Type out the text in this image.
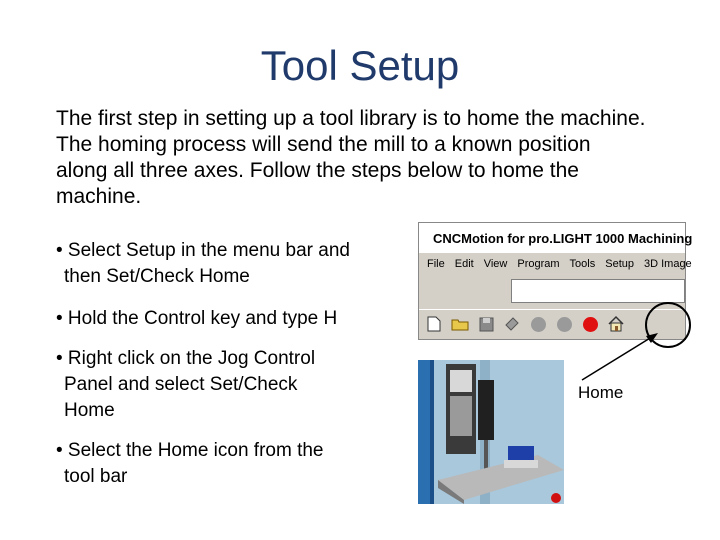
Tool Setup
The first step in setting up a tool library is to home the machine. The homing process will send the mill to a known position along all three axes. Follow the steps below to home the machine.
• Select Setup in the menu bar and
then Set/Check Home
• Hold the Control key and type H
• Right click on the Jog Control
Panel and select Set/Check
Home
• Select the Home icon from the
tool bar
CNCMotion for pro.LIGHT 1000 Machining
File Edit View Program Tools Setup 3D Image
Home
